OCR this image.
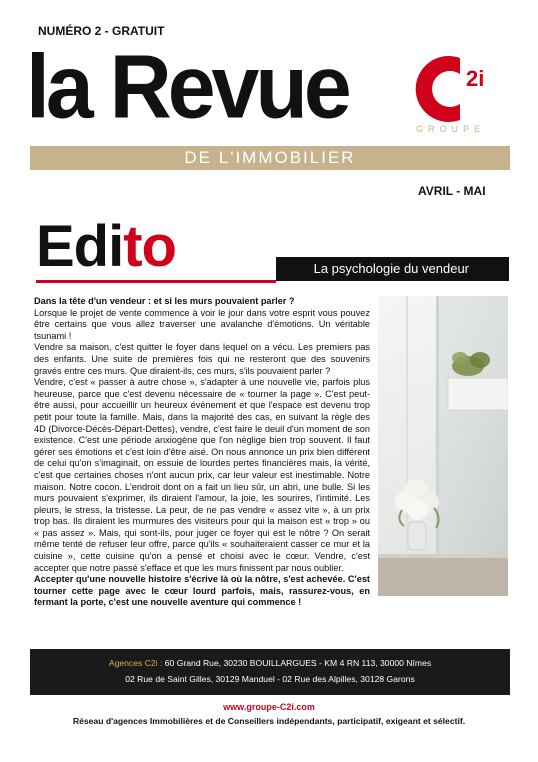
NUMÉRO 2 - GRATUIT
la Revue	C
2i
GROUPE
DE L'IMMOBILIER
AVRIL - MAI
Edito	La psychologie du vendeur

Dans la tête d'un vendeur : et si les murs pouvaient parler ?

Lorsque le projet de vente commence à voir le jour dans votre esprit vous pouvez être certains que vous allez traverser une avalanche d'émotions. Un véritable tsunami !

Vendre sa maison, c'est quitter le foyer dans lequel on a vécu. Les premiers pas des enfants. Une suite de premières fois qui ne resteront que des souvenirs gravés entre ces murs. Que diraient-ils, ces murs, s'ils pouvaient parler ?

Vendre, c'est « passer à autre chose », s'adapter à une nouvelle vie, parfois plus heureuse, parce que c'est devenu nécessaire de « tourner la page ». C'est peut-être aussi, pour accueillir un heureux évènement et que l'espace est devenu trop petit pour toute la famille. Mais, dans la majorité des cas, en suivant la règle des 4D (Divorce-Décès-Départ-Dettes), vendre, c'est faire le deuil d'un moment de son existence. C'est une période anxiogène que l'on néglige bien trop souvent. Il faut gérer ses émotions et c'est loin d'être aisé. On nous annonce un prix bien différent de celui qu'on s'imaginait, on essuie de lourdes pertes financières mais, la vérité, c'est que certaines choses n'ont aucun prix, car leur valeur est inestimable. Notre maison. Notre cocon. L'endroit dont on a fait un lieu sûr, un abri, une bulle. Si les murs pouvaient s'exprimer, ils diraient l'amour, la joie, les sourires, l'intimité. Les pleurs, le stress, la tristesse. La peur, de ne pas vendre « assez vite », à un prix trop bas. Ils diraient les murmures des visiteurs pour qui la maison est « trop » ou « pas assez ». Mais, qui sont-ils, pour juger ce foyer qui est le nôtre ? On serait même tenté de refuser leur offre, parce qu'ils « souhaiteraient casser ce mur et la cuisine », cette cuisine qu'on a pensé et choisi avec le cœur. Vendre, c'est accepter que notre passé s'efface et que les murs finissent par nous oublier.

Accepter qu'une nouvelle histoire s'écrive là où la nôtre, s'est achevée. C'est tourner cette page avec le cœur lourd parfois, mais, rassurez-vous, en fermant la porte, c'est une nouvelle aventure qui commence !

Agences C2i : 60 Grand Rue, 30230 BOUILLARGUES - KM 4 RN 113, 30000 Nîmes
02 Rue de Saint Gilles, 30129 Manduel - 02 Rue des Alpilles, 30128 Garons
www.groupe-C2i.com
Réseau d'agences Immobilières et de Conseillers indépendants, participatif, exigeant et sélectif.
